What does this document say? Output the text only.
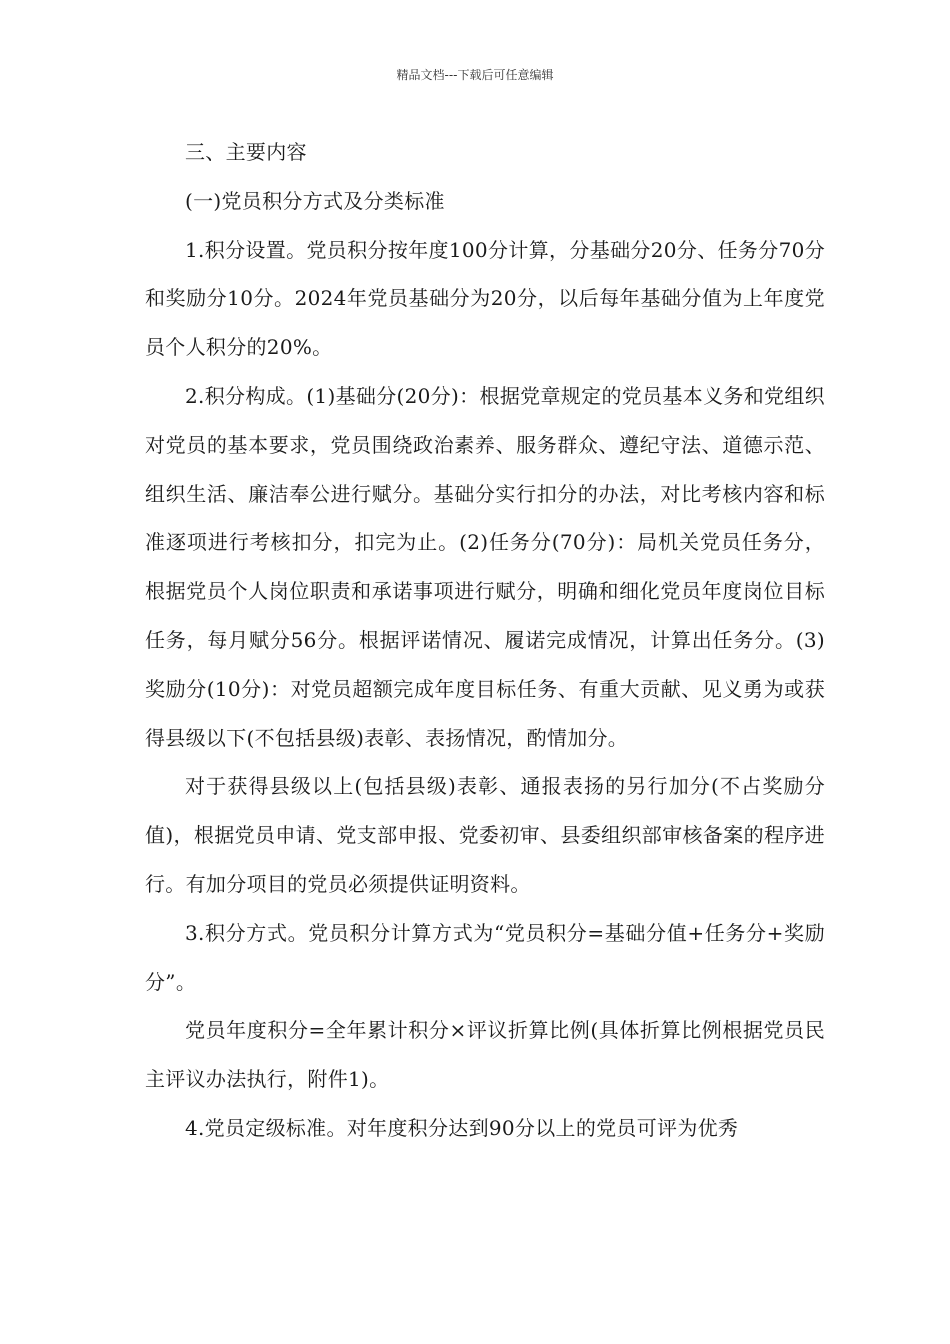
精品文档---下载后可任意编辑

三、主要内容

(一)党员积分方式及分类标准

1.积分设置。党员积分按年度100分计算，分基础分20分、任务分70分和奖励分10分。2024年党员基础分为20分，以后每年基础分值为上年度党员个人积分的20%。

2.积分构成。(1)基础分(20分)：根据党章规定的党员基本义务和党组织对党员的基本要求，党员围绕政治素养、服务群众、遵纪守法、道德示范、组织生活、廉洁奉公进行赋分。基础分实行扣分的办法，对比考核内容和标准逐项进行考核扣分，扣完为止。(2)任务分(70分)：局机关党员任务分，根据党员个人岗位职责和承诺事项进行赋分，明确和细化党员年度岗位目标任务，每月赋分56分。根据评诺情况、履诺完成情况，计算出任务分。(3)奖励分(10分)：对党员超额完成年度目标任务、有重大贡献、见义勇为或获得县级以下(不包括县级)表彰、表扬情况，酌情加分。

对于获得县级以上(包括县级)表彰、通报表扬的另行加分(不占奖励分值)，根据党员申请、党支部申报、党委初审、县委组织部审核备案的程序进行。有加分项目的党员必须提供证明资料。

3.积分方式。党员积分计算方式为“党员积分=基础分值+任务分+奖励分”。

党员年度积分=全年累计积分×评议折算比例(具体折算比例根据党员民主评议办法执行，附件1)。

4.党员定级标准。对年度积分达到90分以上的党员可评为优秀
